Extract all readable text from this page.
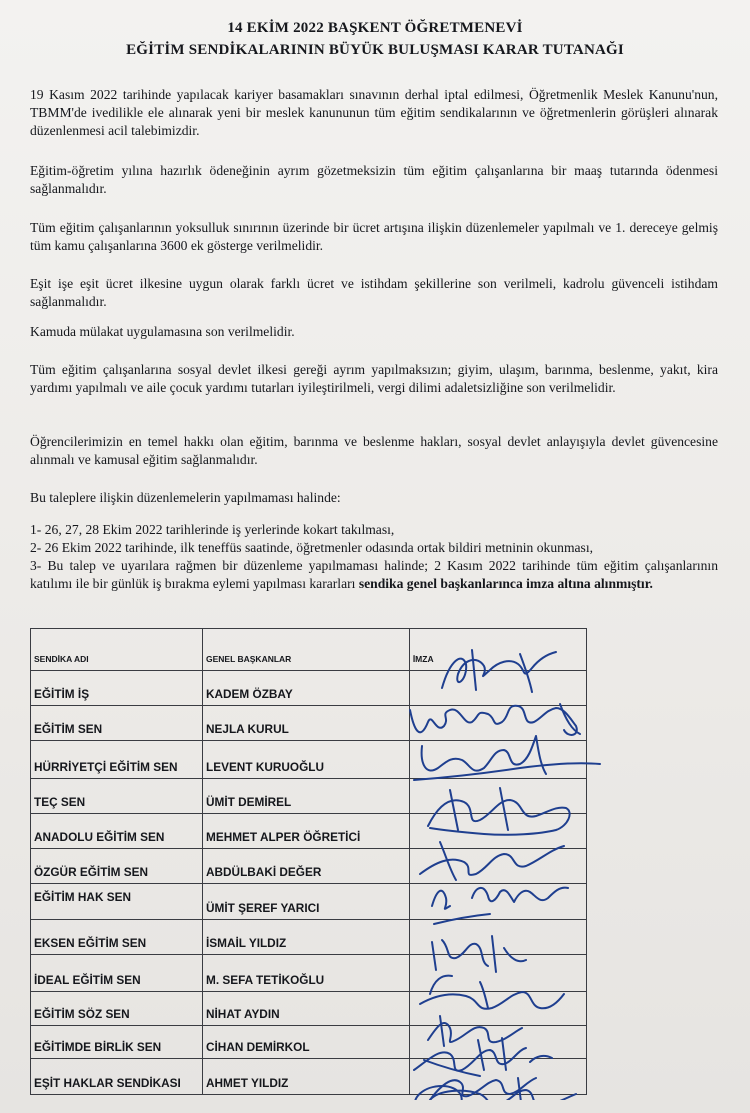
14 EKİM 2022 BAŞKENT ÖĞRETMENEVİ
EĞİTİM SENDİKALARININ BÜYÜK BULUŞMASI KARAR TUTANAĞI

19 Kasım 2022 tarihinde yapılacak kariyer basamakları sınavının derhal iptal edilmesi, Öğretmenlik Meslek Kanunu'nun, TBMM'de ivedilikle ele alınarak yeni bir meslek kanununun tüm eğitim sendikalarının ve öğretmenlerin görüşleri alınarak düzenlenmesi acil talebimizdir.

Eğitim-öğretim yılına hazırlık ödeneğinin ayrım gözetmeksizin tüm eğitim çalışanlarına bir maaş tutarında ödenmesi sağlanmalıdır.

Tüm eğitim çalışanlarının yoksulluk sınırının üzerinde bir ücret artışına ilişkin düzenlemeler yapılmalı ve 1. dereceye gelmiş tüm kamu çalışanlarına 3600 ek gösterge verilmelidir.

Eşit işe eşit ücret ilkesine uygun olarak farklı ücret ve istihdam şekillerine son verilmeli, kadrolu güvenceli istihdam sağlanmalıdır.

Kamuda mülakat uygulamasına son verilmelidir.

Tüm eğitim çalışanlarına sosyal devlet ilkesi gereği ayrım yapılmaksızın; giyim, ulaşım, barınma, beslenme, yakıt, kira yardımı yapılmalı ve aile çocuk yardımı tutarları iyileştirilmeli, vergi dilimi adaletsizliğine son verilmelidir.

Öğrencilerimizin en temel hakkı olan eğitim, barınma ve beslenme hakları, sosyal devlet anlayışıyla devlet güvencesine alınmalı ve kamusal eğitim sağlanmalıdır.

Bu taleplere ilişkin düzenlemelerin yapılmaması halinde:

1- 26, 27, 28 Ekim 2022 tarihlerinde iş yerlerinde kokart takılması,

2- 26 Ekim 2022 tarihinde, ilk teneffüs saatinde, öğretmenler odasında ortak bildiri metninin okunması,

3- Bu talep ve uyarılara rağmen bir düzenleme yapılmaması halinde; 2 Kasım 2022 tarihinde tüm eğitim çalışanlarının katılımı ile bir günlük iş bırakma eylemi yapılması kararları sendika genel başkanlarınca imza altına alınmıştır.

SENDİKA ADI	GENEL BAŞKANLAR	İMZA
EĞİTİM İŞ	KADEM ÖZBAY	
EĞİTİM SEN	NEJLA KURUL	
HÜRRİYETÇİ EĞİTİM SEN	LEVENT KURUOĞLU	
TEÇ SEN	ÜMİT DEMİREL	
ANADOLU EĞİTİM SEN	MEHMET ALPER ÖĞRETİCİ	
ÖZGÜR EĞİTİM SEN	ABDÜLBAKİ DEĞER	
EĞİTİM HAK SEN	ÜMİT ŞEREF YARICI	
EKSEN EĞİTİM SEN	İSMAİL YILDIZ	
İDEAL EĞİTİM SEN	M. SEFA TETİKOĞLU	
EĞİTİM SÖZ SEN	NİHAT AYDIN	
EĞİTİMDE BİRLİK SEN	CİHAN DEMİRKOL	
EŞİT HAKLAR SENDİKASI	AHMET YILDIZ	
